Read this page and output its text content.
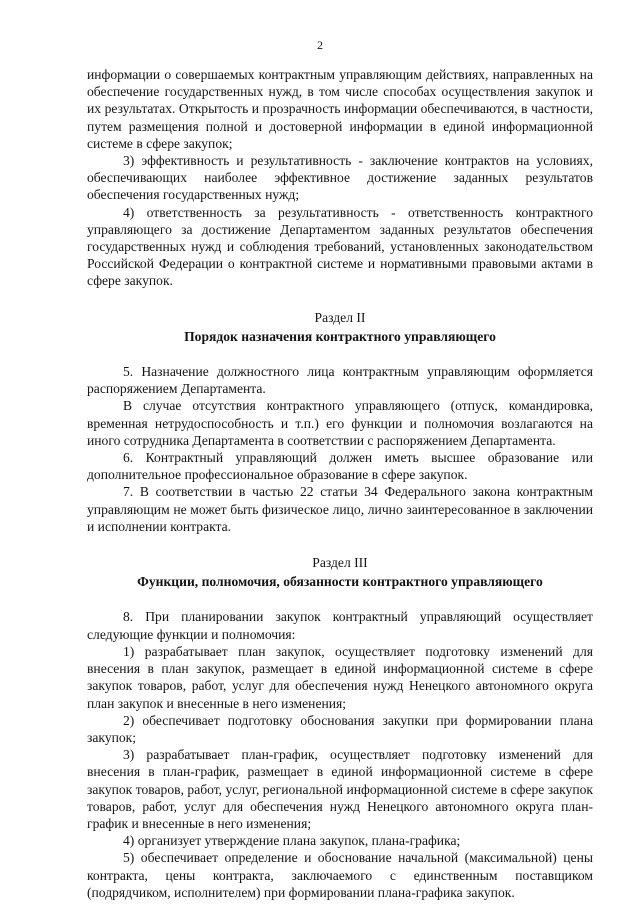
2

информации о совершаемых контрактным управляющим действиях, направленных на обеспечение государственных нужд, в том числе способах осуществления закупок и их результатах. Открытость и прозрачность информации обеспечиваются, в частности, путем размещения полной и достоверной информации в единой информационной системе в сфере закупок;

3) эффективность и результативность - заключение контрактов на условиях, обеспечивающих наиболее эффективное достижение заданных результатов обеспечения государственных нужд;

4) ответственность за результативность - ответственность контрактного управляющего за достижение Департаментом заданных результатов обеспечения государственных нужд и соблюдения требований, установленных законодательством Российской Федерации о контрактной системе и нормативными правовыми актами в сфере закупок.

Раздел II

Порядок назначения контрактного управляющего

5. Назначение должностного лица контрактным управляющим оформляется распоряжением Департамента.

В случае отсутствия контрактного управляющего (отпуск, командировка, временная нетрудоспособность и т.п.) его функции и полномочия возлагаются на иного сотрудника Департамента в соответствии с распоряжением Департамента.

6. Контрактный управляющий должен иметь высшее образование или дополнительное профессиональное образование в сфере закупок.

7. В соответствии в частью 22 статьи 34 Федерального закона контрактным управляющим не может быть физическое лицо, лично заинтересованное в заключении и исполнении контракта.

Раздел III

Функции, полномочия, обязанности контрактного управляющего

8. При планировании закупок контрактный управляющий осуществляет следующие функции и полномочия:

1) разрабатывает план закупок, осуществляет подготовку изменений для внесения в план закупок, размещает в единой информационной системе в сфере закупок товаров, работ, услуг для обеспечения нужд Ненецкого автономного округа план закупок и внесенные в него изменения;

2) обеспечивает подготовку обоснования закупки при формировании плана закупок;

3) разрабатывает план-график, осуществляет подготовку изменений для внесения в план-график, размещает в единой информационной системе в сфере закупок товаров, работ, услуг, региональной информационной системе в сфере закупок товаров, работ, услуг для обеспечения нужд Ненецкого автономного округа план-график и внесенные в него изменения;

4) организует утверждение плана закупок, плана-графика;

5) обеспечивает определение и обоснование начальной (максимальной) цены контракта, цены контракта, заключаемого с единственным поставщиком (подрядчиком, исполнителем) при формировании плана-графика закупок.
